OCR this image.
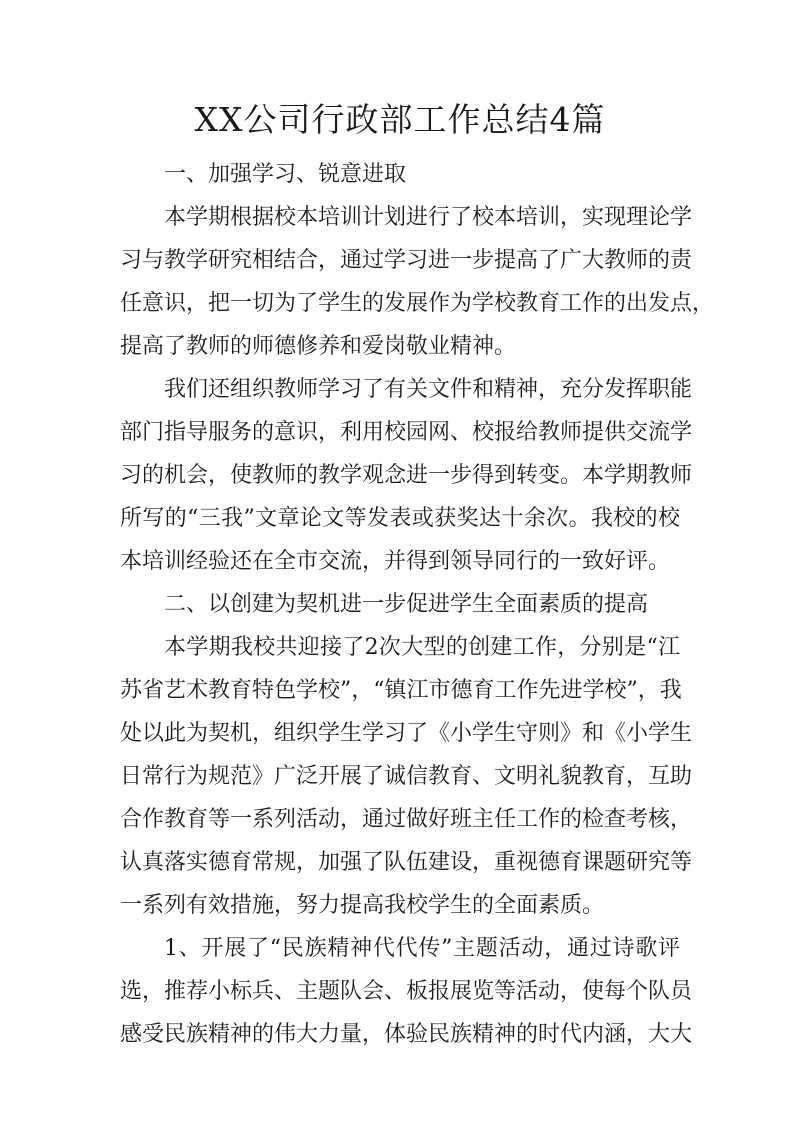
XX公司行政部工作总结4篇
一、加强学习、锐意进取
本学期根据校本培训计划进行了校本培训，实现理论学
习与教学研究相结合，通过学习进一步提高了广大教师的责
任意识，把一切为了学生的发展作为学校教育工作的出发点，
提高了教师的师德修养和爱岗敬业精神。
我们还组织教师学习了有关文件和精神，充分发挥职能
部门指导服务的意识，利用校园网、校报给教师提供交流学
习的机会，使教师的教学观念进一步得到转变。本学期教师
所写的“三我”文章论文等发表或获奖达十余次。我校的校
本培训经验还在全市交流，并得到领导同行的一致好评。
二、以创建为契机进一步促进学生全面素质的提高
本学期我校共迎接了2次大型的创建工作，分别是“江
苏省艺术教育特色学校”，“镇江市德育工作先进学校”，我
处以此为契机，组织学生学习了《小学生守则》和《小学生
日常行为规范》广泛开展了诚信教育、文明礼貌教育，互助
合作教育等一系列活动，通过做好班主任工作的检查考核，
认真落实德育常规，加强了队伍建设，重视德育课题研究等
一系列有效措施，努力提高我校学生的全面素质。
1、开展了“民族精神代代传”主题活动，通过诗歌评
选，推荐小标兵、主题队会、板报展览等活动，使每个队员
感受民族精神的伟大力量，体验民族精神的时代内涵，大大
